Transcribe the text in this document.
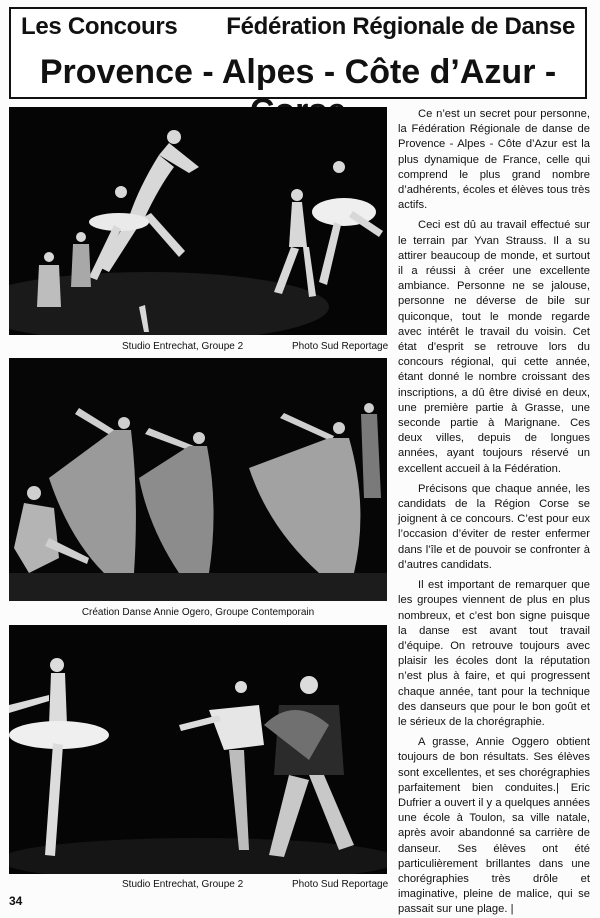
Les Concours Fédération Régionale de Danse
Provence - Alpes - Côte d’Azur -
Studio Entrechat, Groupe 2	Photo Sud Reportage
Création Danse Annie Ogero, Groupe Contemporain
Studio Entrechat, Groupe 2	Photo Sud Reportage

Ce n’est un secret pour personne, la Fédération Régionale de danse de Provence - Alpes - Côte d’Azur est la plus dynamique de France, celle qui comprend le plus grand nombre d’adhérents, écoles et élèves tous très actifs.

Ceci est dû au travail effectué sur le terrain par Yvan Strauss. Il a su attirer beaucoup de monde, et surtout il a réussi à créer une excellente ambiance. Personne ne se jalouse, personne ne déverse de bile sur quiconque, tout le monde regarde avec intérêt le travail du voisin. Cet état d’esprit se retrouve lors du concours régional, qui cette année, étant donné le nombre croissant des inscriptions, a dû être divisé en deux, une première partie à Grasse, une seconde partie à Marignane. Ces deux villes, depuis de longues années, ayant toujours réservé un excellent accueil à la Fédération.

Précisons que chaque année, les candidats de la Région Corse se joignent à ce concours. C’est pour eux l’occasion d’éviter de rester enfermer dans l’île et de pouvoir se confronter à d’autres candidats.

Il est important de remarquer que les groupes viennent de plus en plus nombreux, et c’est bon signe puisque la danse est avant tout travail d’équipe. On retrouve toujours avec plaisir les écoles dont la réputation n’est plus à faire, et qui progressent chaque année, tant pour la technique des danseurs que pour le bon goût et le sérieux de la chorégraphie.

A grasse, Annie Oggero obtient toujours de bon résultats. Ses élèves sont excellentes, et ses chorégraphies parfaitement bien conduites.| Eric Dufrier a ouvert il y a quelques années une école à Toulon, sa ville natale, après avoir abandonné sa carrière de danseur. Ses élèves ont été particulièrement brillantes dans une chorégraphies très drôle et imaginative, pleine de malice, qui se passait sur une plage. |

34
